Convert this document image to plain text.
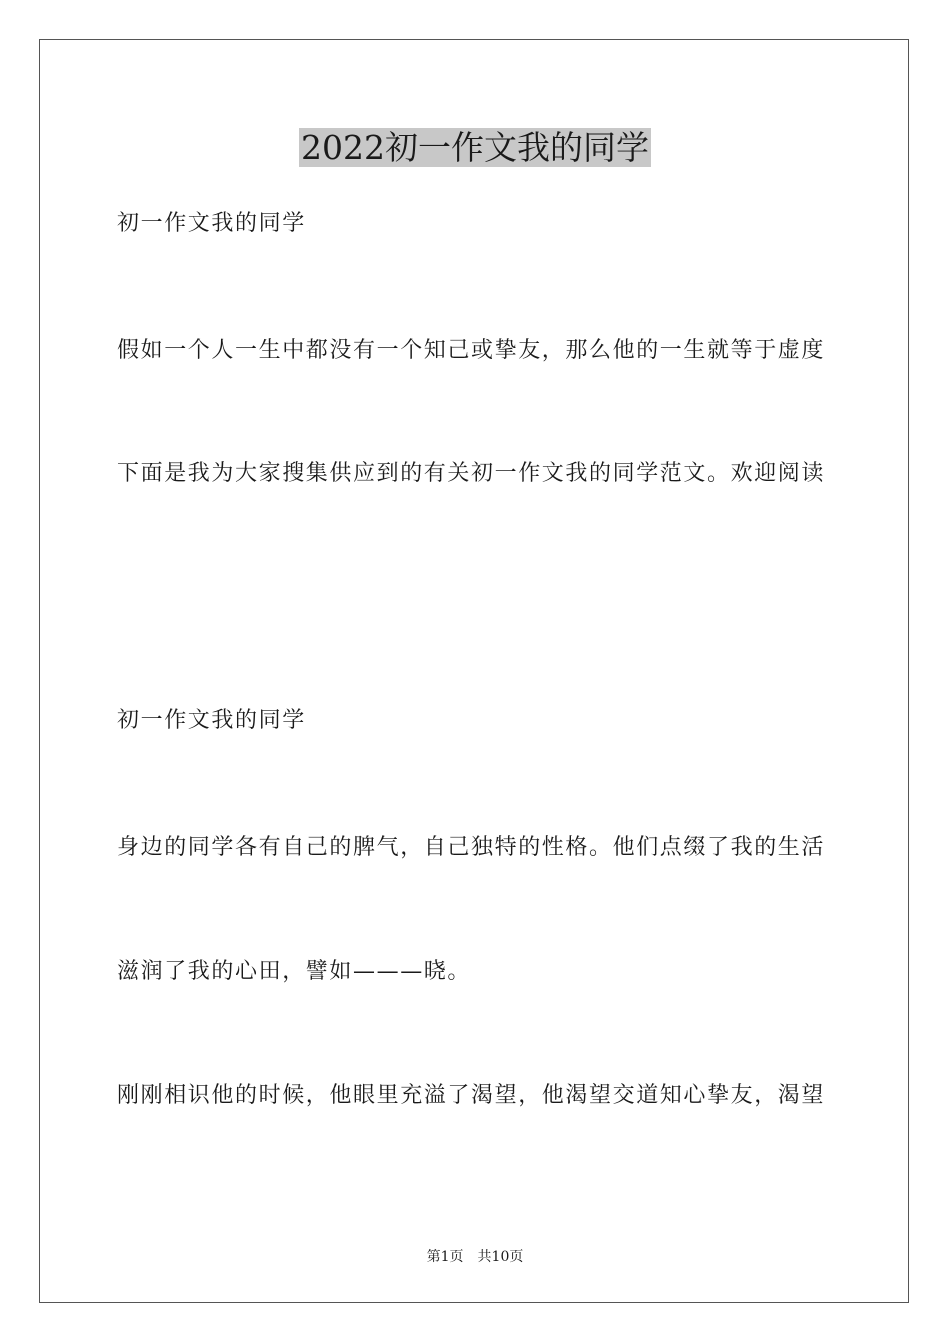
2022初一作文我的同学

初一作文我的同学

假如一个人一生中都没有一个知己或挚友，那么他的一生就等于虚度

下面是我为大家搜集供应到的有关初一作文我的同学范文。欢迎阅读

初一作文我的同学

身边的同学各有自己的脾气，自己独特的性格。他们点缀了我的生活

滋润了我的心田，譬如———晓。

刚刚相识他的时候，他眼里充溢了渴望，他渴望交道知心挚友，渴望

第1页 共10页
